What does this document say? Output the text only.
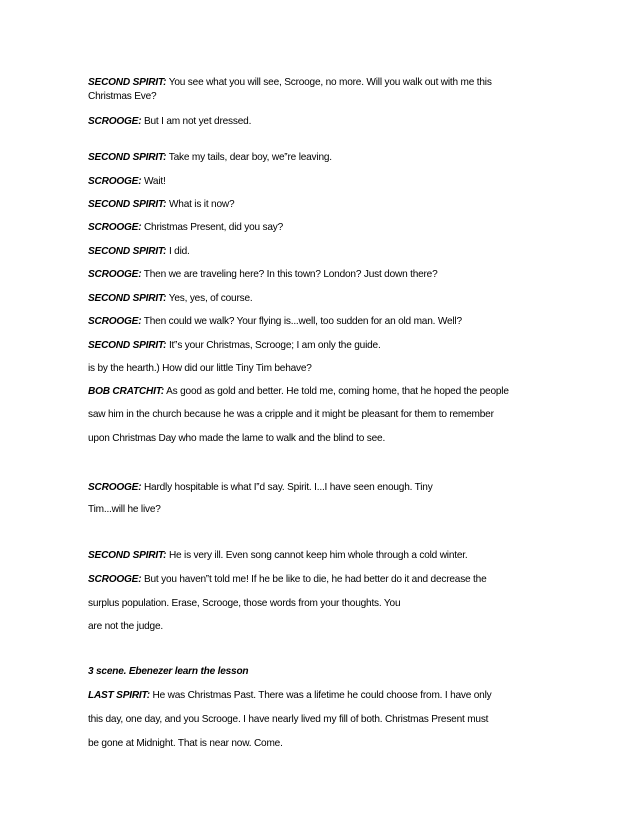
SECOND SPIRIT: You see what you will see, Scrooge, no more. Will you walk out with me this
Christmas Eve?
SCROOGE: But I am not yet dressed.
SECOND SPIRIT: Take my tails, dear boy, we‟re leaving.
SCROOGE: Wait!
SECOND SPIRIT: What is it now?
SCROOGE: Christmas Present, did you say?
SECOND SPIRIT: I did.
SCROOGE: Then we are traveling here? In this town? London? Just down there?
SECOND SPIRIT: Yes, yes, of course.
SCROOGE: Then could we walk? Your flying is...well, too sudden for an old man. Well?
SECOND SPIRIT: It‟s your Christmas, Scrooge; I am only the guide.
is by the hearth.) How did our little Tiny Tim behave?
BOB CRATCHIT: As good as gold and better. He told me, coming home, that he hoped the people
saw him in the church because he was a cripple and it might be pleasant for them to remember
upon Christmas Day who made the lame to walk and the blind to see.
SCROOGE: Hardly hospitable is what I‟d say. Spirit. I...I have seen enough. Tiny
Tim...will he live?
SECOND SPIRIT: He is very ill. Even song cannot keep him whole through a cold winter.
SCROOGE: But you haven‟t told me! If he be like to die, he had better do it and decrease the
surplus population. Erase, Scrooge, those words from your thoughts. You
are not the judge.
3 scene. Ebenezer learn the lesson
LAST SPIRIT: He was Christmas Past. There was a lifetime he could choose from. I have only
this day, one day, and you Scrooge. I have nearly lived my fill of both. Christmas Present must
be gone at Midnight. That is near now. Come.
